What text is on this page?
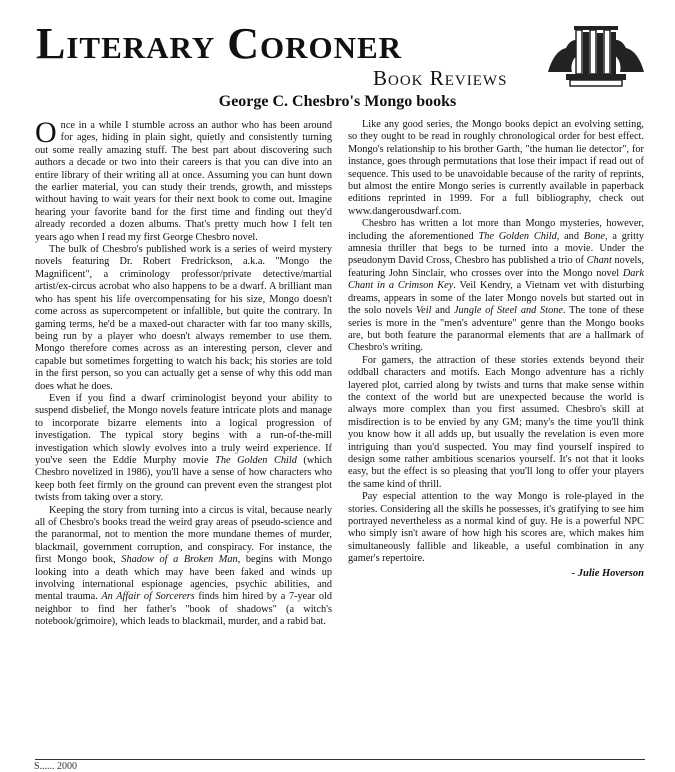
Literary Coroner
Book Reviews
George C. Chesbro's Mongo books

Once in a while I stumble across an author who has been around for ages, hiding in plain sight, quietly and consistently turning out some really amazing stuff. The best part about discovering such authors a decade or two into their careers is that you can dive into an entire library of their writing all at once. Assuming you can hunt down the earlier material, you can study their trends, growth, and missteps without having to wait years for their next book to come out. Imagine hearing your favorite band for the first time and finding out they'd already recorded a dozen albums. That's pretty much how I felt ten years ago when I read my first George Chesbro novel.

The bulk of Chesbro's published work is a series of weird mystery novels featuring Dr. Robert Fredrickson, a.k.a. "Mongo the Magnificent", a criminology professor/private detective/martial artist/ex-circus acrobat who also happens to be a dwarf. A brilliant man who has spent his life overcompensating for his size, Mongo doesn't come across as supercompetent or infallible, but quite the contrary. In gaming terms, he'd be a maxed-out character with far too many skills, being run by a player who doesn't always remember to use them. Mongo therefore comes across as an interesting person, clever and capable but sometimes forgetting to watch his back; his stories are told in the first person, so you can actually get a sense of why this odd man does what he does.

Even if you find a dwarf criminologist beyond your ability to suspend disbelief, the Mongo novels feature intricate plots and manage to incorporate bizarre elements into a logical progression of investigation. The typical story begins with a run-of-the-mill investigation which slowly evolves into a truly weird experience. If you've seen the Eddie Murphy movie The Golden Child (which Chesbro novelized in 1986), you'll have a sense of how characters who keep both feet firmly on the ground can prevent even the strangest plot twists from taking over a story.

Keeping the story from turning into a circus is vital, because nearly all of Chesbro's books tread the weird gray areas of pseudo-science and the paranormal, not to mention the more mundane themes of murder, blackmail, government corruption, and conspiracy. For instance, the first Mongo book, Shadow of a Broken Man, begins with Mongo looking into a death which may have been faked and winds up involving international espionage agencies, psychic abilities, and mental trauma. An Affair of Sorcerers finds him hired by a 7-year old neighbor to find her father's "book of shadows" (a witch's notebook/grimoire), which leads to blackmail, murder, and a rabid bat.

Like any good series, the Mongo books depict an evolving setting, so they ought to be read in roughly chronological order for best effect. Mongo's relationship to his brother Garth, "the human lie detector", for instance, goes through permutations that lose their impact if read out of sequence. This used to be unavoidable because of the rarity of reprints, but almost the entire Mongo series is currently available in paperback editions reprinted in 1999. For a full bibliography, check out www.dangerousdwarf.com.

Chesbro has written a lot more than Mongo mysteries, however, including the aforementioned The Golden Child, and Bone, a gritty amnesia thriller that begs to be turned into a movie. Under the pseudonym David Cross, Chesbro has published a trio of Chant novels, featuring John Sinclair, who crosses over into the Mongo novel Dark Chant in a Crimson Key. Veil Kendry, a Vietnam vet with disturbing dreams, appears in some of the later Mongo novels but started out in the solo novels Veil and Jungle of Steel and Stone. The tone of these series is more in the "men's adventure" genre than the Mongo books are, but both feature the paranormal elements that are a hallmark of Chesbro's writing.

For gamers, the attraction of these stories extends beyond their oddball characters and motifs. Each Mongo adventure has a richly layered plot, carried along by twists and turns that make sense within the context of the world but are unexpected because the world is always more complex than you first assumed. Chesbro's skill at misdirection is to be envied by any GM; many's the time you'll think you know how it all adds up, but usually the revelation is even more intriguing than you'd suspected. You may find yourself inspired to design some rather ambitious scenarios yourself. It's not that it looks easy, but the effect is so pleasing that you'll long to offer your players the same kind of thrill.

Pay especial attention to the way Mongo is role-played in the stories. Considering all the skills he possesses, it's gratifying to see him portrayed nevertheless as a normal kind of guy. He is a powerful NPC who simply isn't aware of how high his scores are, which makes him simultaneously fallible and likeable, a useful combination in any gamer's repertoire.

- Julie Hoverson
S...... 2000
